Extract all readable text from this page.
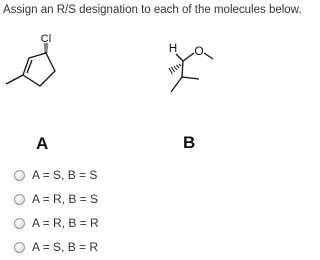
Assign an R/S designation to each of the molecules below.
Cl
H O
A	B
A = S, B = S
A = R, B = S
A = R, B = R
A = S, B = R
